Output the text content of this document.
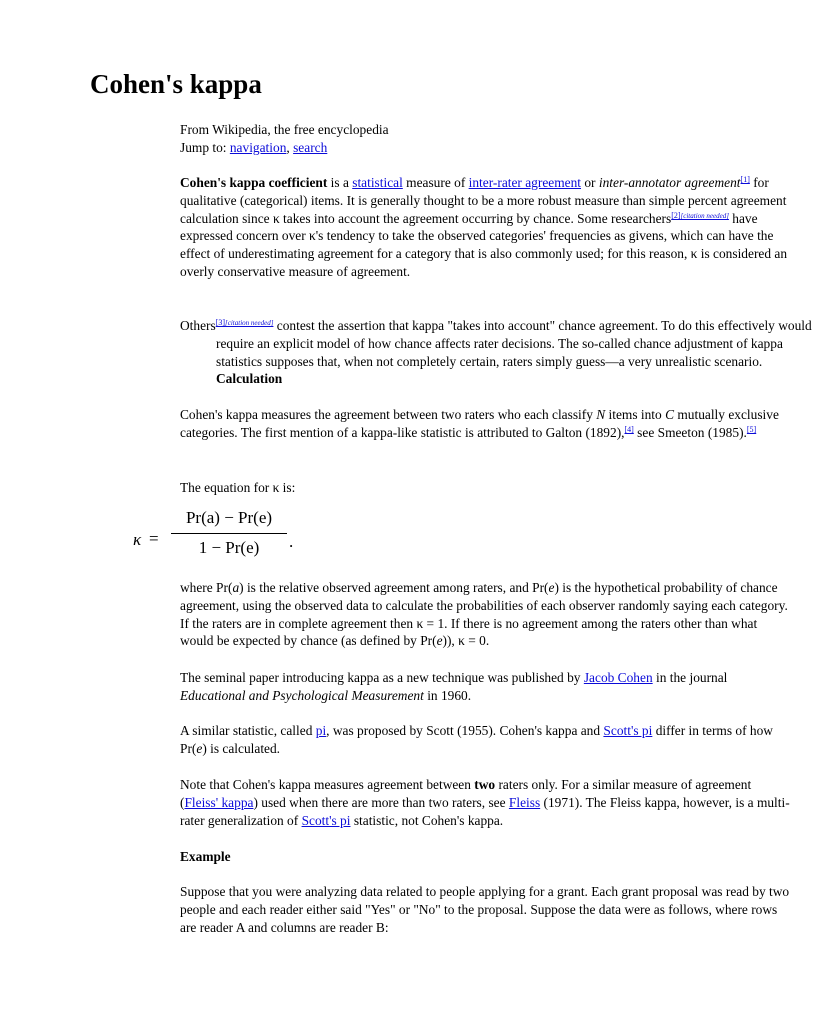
Cohen's kappa
From Wikipedia, the free encyclopedia
Jump to: navigation, search
Cohen's kappa coefficient is a statistical measure of inter-rater agreement or inter-annotator agreement[1] for qualitative (categorical) items. It is generally thought to be a more robust measure than simple percent agreement calculation since κ takes into account the agreement occurring by chance. Some researchers[2][citation needed] have expressed concern over κ's tendency to take the observed categories' frequencies as givens, which can have the effect of underestimating agreement for a category that is also commonly used; for this reason, κ is considered an overly conservative measure of agreement.
Others[3][citation needed] contest the assertion that kappa "takes into account" chance agreement. To do this effectively would require an explicit model of how chance affects rater decisions. The so-called chance adjustment of kappa statistics supposes that, when not completely certain, raters simply guess—a very unrealistic scenario. Calculation
Cohen's kappa measures the agreement between two raters who each classify N items into C mutually exclusive categories. The first mention of a kappa-like statistic is attributed to Galton (1892),[4] see Smeeton (1985).[5]
The equation for κ is:
κ =
Pr(a) − Pr(e)
1 − Pr(e)	.
where Pr(a) is the relative observed agreement among raters, and Pr(e) is the hypothetical probability of chance agreement, using the observed data to calculate the probabilities of each observer randomly saying each category. If the raters are in complete agreement then κ = 1. If there is no agreement among the raters other than what would be expected by chance (as defined by Pr(e)), κ = 0.
The seminal paper introducing kappa as a new technique was published by Jacob Cohen in the journal Educational and Psychological Measurement in 1960.
A similar statistic, called pi, was proposed by Scott (1955). Cohen's kappa and Scott's pi differ in terms of how Pr(e) is calculated.
Note that Cohen's kappa measures agreement between two raters only. For a similar measure of agreement (Fleiss' kappa) used when there are more than two raters, see Fleiss (1971). The Fleiss kappa, however, is a multi-rater generalization of Scott's pi statistic, not Cohen's kappa.
Example
Suppose that you were analyzing data related to people applying for a grant. Each grant proposal was read by two people and each reader either said "Yes" or "No" to the proposal. Suppose the data were as follows, where rows are reader A and columns are reader B:
